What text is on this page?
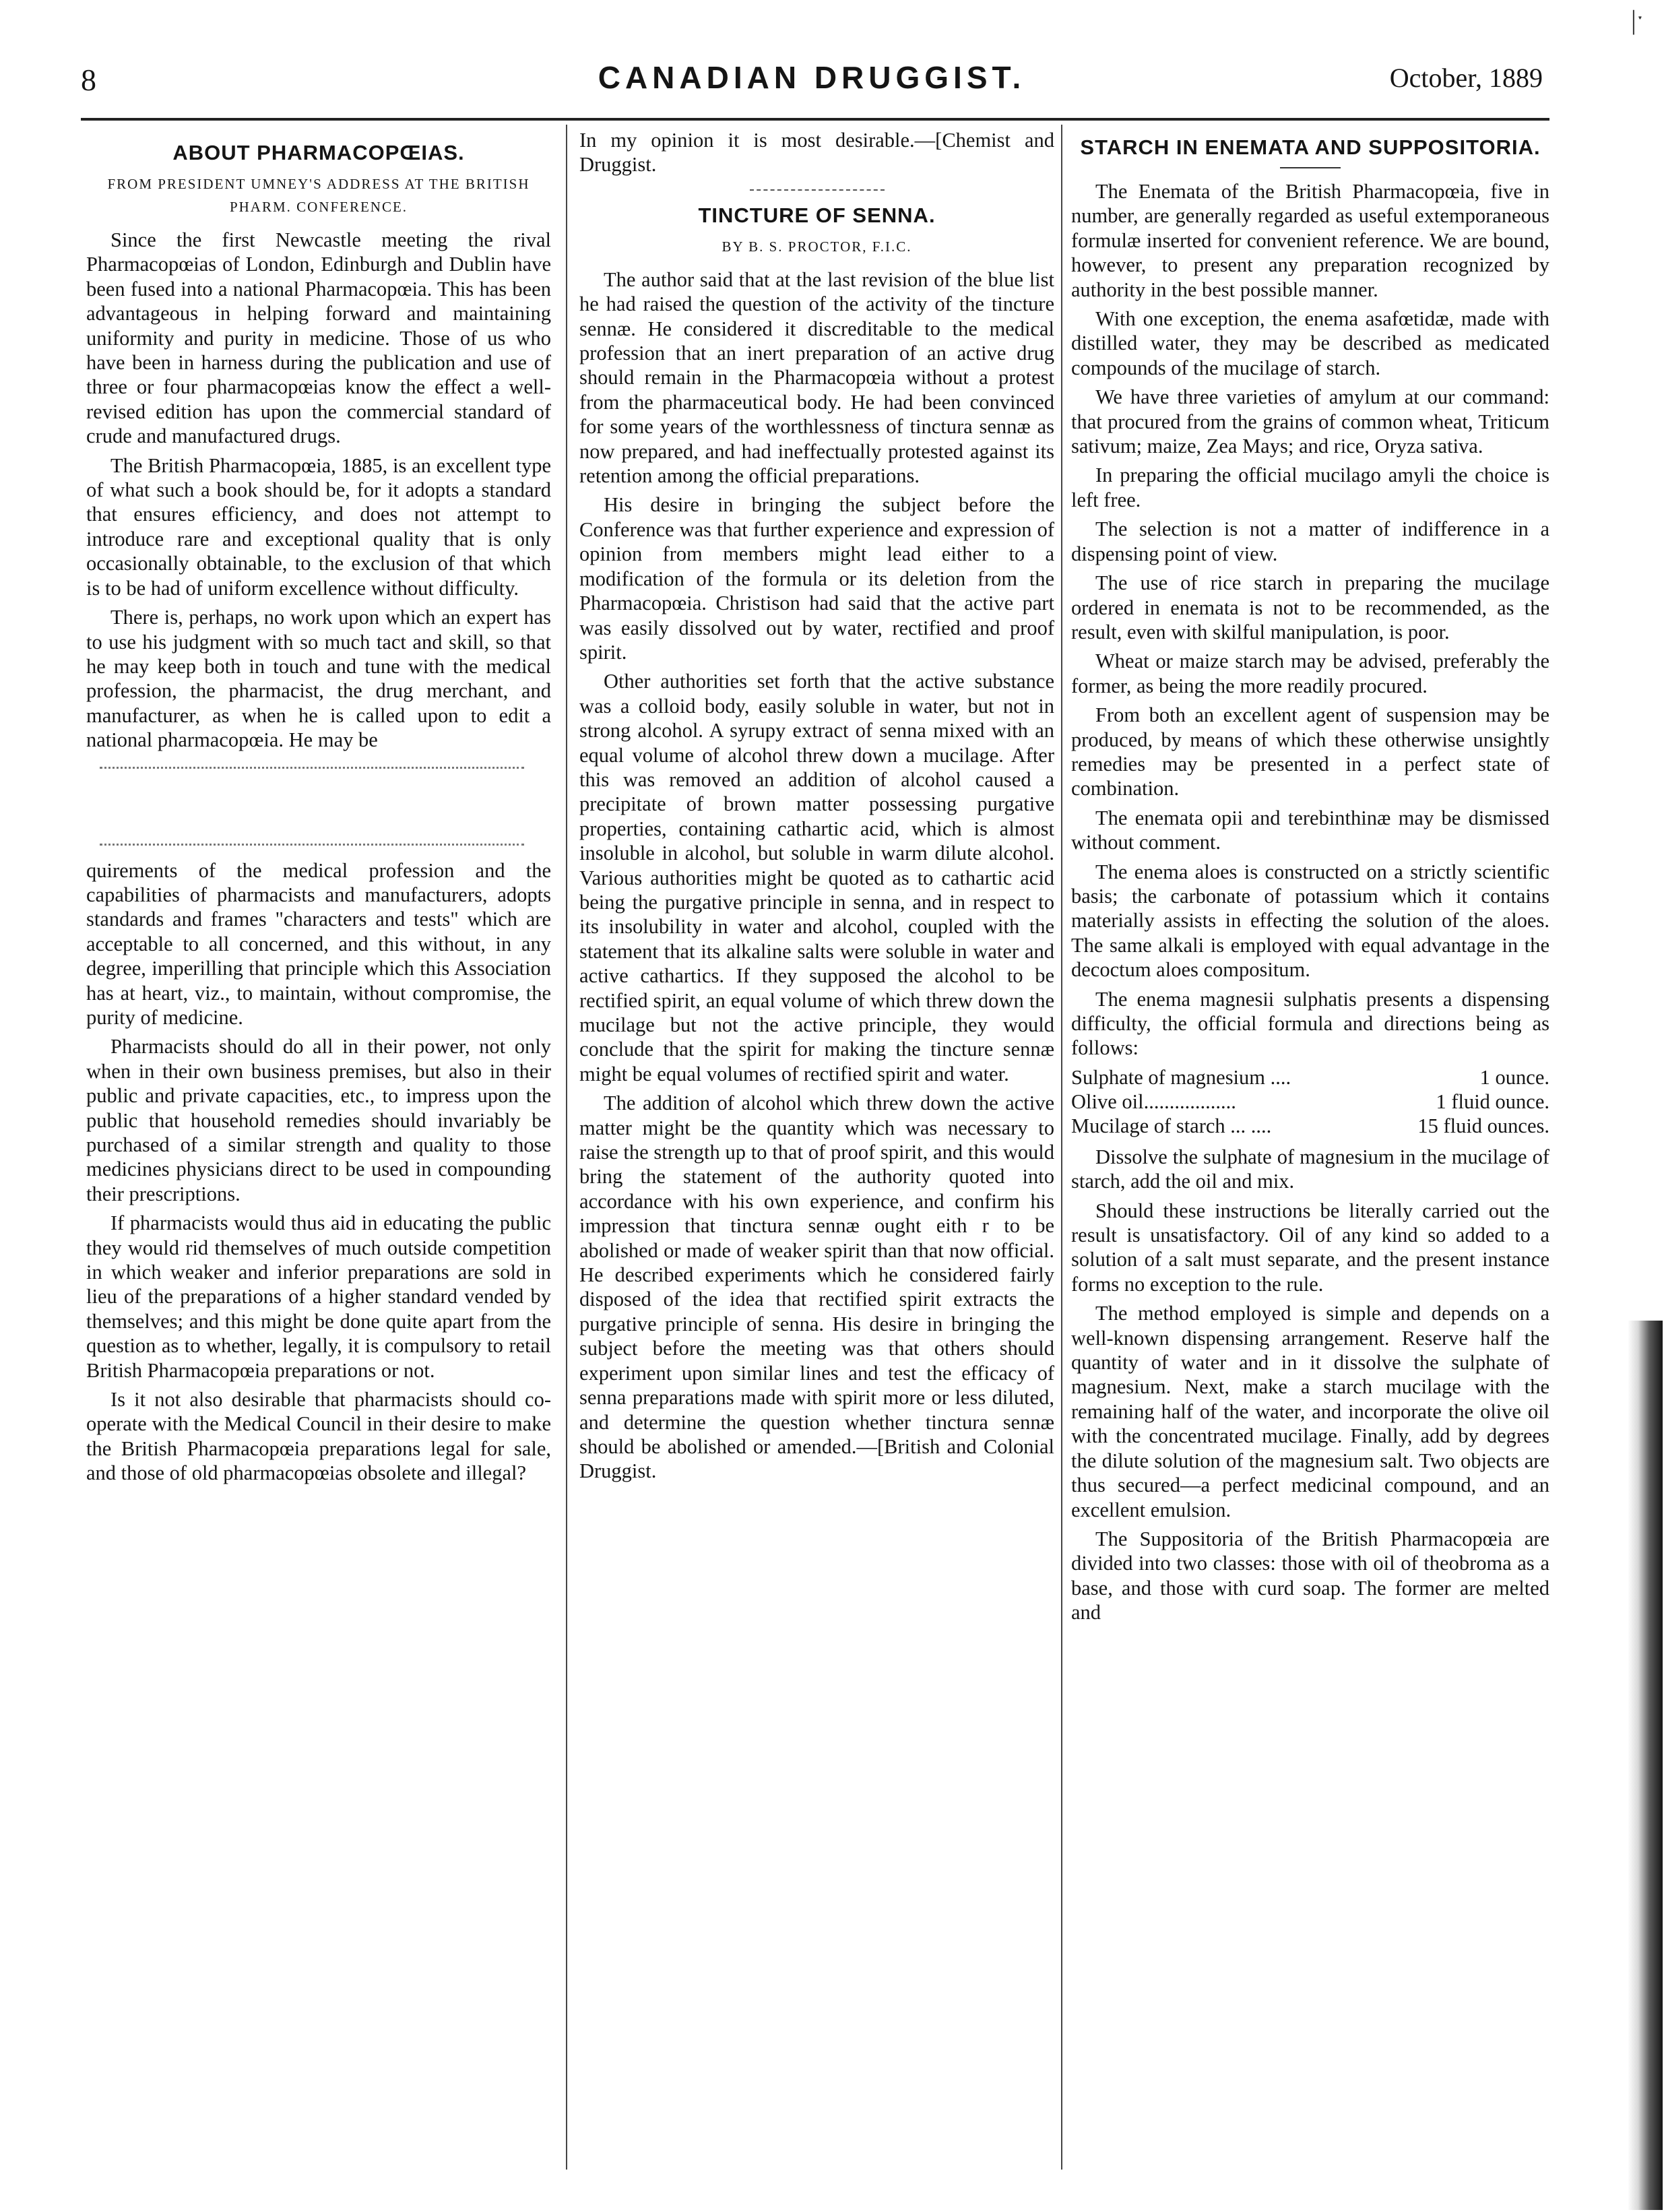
8	CANADIAN DRUGGIST.	October, 1889
|ˑ
ABOUT PHARMACOPŒIAS.
FROM PRESIDENT UMNEY'S ADDRESS AT THE BRITISH PHARM. CONFERENCE.

Since the first Newcastle meeting the rival Pharmacopœias of London, Edinburgh and Dublin have been fused into a national Pharmacopœia. This has been advantageous in helping forward and maintaining uniformity and purity in medicine. Those of us who have been in harness during the publication and use of three or four pharmacopœias know the effect a well-revised edition has upon the commercial standard of crude and manufactured drugs.

The British Pharmacopœia, 1885, is an excellent type of what such a book should be, for it adopts a standard that ensures efficiency, and does not attempt to introduce rare and exceptional quality that is only occasionally obtainable, to the exclusion of that which is to be had of uniform excellence without difficulty.

There is, perhaps, no work upon which an expert has to use his judgment with so much tact and skill, so that he may keep both in touch and tune with the medical profession, the pharmacist, the drug merchant, and manufacturer, as when he is called upon to edit a national pharmacopœia. He may be

quirements of the medical profession and the capabilities of pharmacists and manufacturers, adopts standards and frames "characters and tests" which are acceptable to all concerned, and this without, in any degree, imperilling that principle which this Association has at heart, viz., to maintain, without compromise, the purity of medicine.

Pharmacists should do all in their power, not only when in their own business premises, but also in their public and private capacities, etc., to impress upon the public that household remedies should invariably be purchased of a similar strength and quality to those medicines physicians direct to be used in compounding their prescriptions.

If pharmacists would thus aid in educating the public they would rid themselves of much outside competition in which weaker and inferior preparations are sold in lieu of the preparations of a higher standard vended by themselves; and this might be done quite apart from the question as to whether, legally, it is compulsory to retail British Pharmacopœia preparations or not.

Is it not also desirable that pharmacists should co-operate with the Medical Council in their desire to make the British Pharmacopœia preparations legal for sale, and those of old pharmacopœias obsolete and illegal?

In my opinion it is most desirable.—[Chemist and Druggist.

TINCTURE OF SENNA.
BY B. S. PROCTOR, F.I.C.

The author said that at the last revision of the blue list he had raised the question of the activity of the tincture sennæ. He considered it discreditable to the medical profession that an inert preparation of an active drug should remain in the Pharmacopœia without a protest from the pharmaceutical body. He had been convinced for some years of the worthlessness of tinctura sennæ as now prepared, and had ineffectually protested against its retention among the official preparations.

His desire in bringing the subject before the Conference was that further experience and expression of opinion from members might lead either to a modification of the formula or its deletion from the Pharmacopœia. Christison had said that the active part was easily dissolved out by water, rectified and proof spirit.

Other authorities set forth that the active substance was a colloid body, easily soluble in water, but not in strong alcohol. A syrupy extract of senna mixed with an equal volume of alcohol threw down a mucilage. After this was removed an addition of alcohol caused a precipitate of brown matter possessing purgative properties, containing cathartic acid, which is almost insoluble in alcohol, but soluble in warm dilute alcohol. Various authorities might be quoted as to cathartic acid being the purgative principle in senna, and in respect to its insolubility in water and alcohol, coupled with the statement that its alkaline salts were soluble in water and active cathartics. If they supposed the alcohol to be rectified spirit, an equal volume of which threw down the mucilage but not the active principle, they would conclude that the spirit for making the tincture sennæ might be equal volumes of rectified spirit and water.

The addition of alcohol which threw down the active matter might be the quantity which was necessary to raise the strength up to that of proof spirit, and this would bring the statement of the authority quoted into accordance with his own experience, and confirm his impression that tinctura sennæ ought eith r to be abolished or made of weaker spirit than that now official. He described experiments which he considered fairly disposed of the idea that rectified spirit extracts the purgative principle of senna. His desire in bringing the subject before the meeting was that others should experiment upon similar lines and test the efficacy of senna preparations made with spirit more or less diluted, and determine the question whether tinctura sennæ should be abolished or amended.—[British and Colonial Druggist.

STARCH IN ENEMATA AND SUPPOSITORIA.

The Enemata of the British Pharmacopœia, five in number, are generally regarded as useful extemporaneous formulæ inserted for convenient reference. We are bound, however, to present any preparation recognized by authority in the best possible manner.

With one exception, the enema asafœtidæ, made with distilled water, they may be described as medicated compounds of the mucilage of starch.

We have three varieties of amylum at our command: that procured from the grains of common wheat, Triticum sativum; maize, Zea Mays; and rice, Oryza sativa.

In preparing the official mucilago amyli the choice is left free.

The selection is not a matter of indifference in a dispensing point of view.

The use of rice starch in preparing the mucilage ordered in enemata is not to be recommended, as the result, even with skilful manipulation, is poor.

Wheat or maize starch may be advised, preferably the former, as being the more readily procured.

From both an excellent agent of suspension may be produced, by means of which these otherwise unsightly remedies may be presented in a perfect state of combination.

The enemata opii and terebinthinæ may be dismissed without comment.

The enema aloes is constructed on a strictly scientific basis; the carbonate of potassium which it contains materially assists in effecting the solution of the aloes. The same alkali is employed with equal advantage in the decoctum aloes compositum.

The enema magnesii sulphatis presents a dispensing difficulty, the official formula and directions being as follows:

Sulphate of magnesium ....	1 ounce.
Olive oil..................	1 fluid ounce.
Mucilage of starch ... ....	15 fluid ounces.

Dissolve the sulphate of magnesium in the mucilage of starch, add the oil and mix.

Should these instructions be literally carried out the result is unsatisfactory. Oil of any kind so added to a solution of a salt must separate, and the present instance forms no exception to the rule.

The method employed is simple and depends on a well-known dispensing arrangement. Reserve half the quantity of water and in it dissolve the sulphate of magnesium. Next, make a starch mucilage with the remaining half of the water, and incorporate the olive oil with the concentrated mucilage. Finally, add by degrees the dilute solution of the magnesium salt. Two objects are thus secured—a perfect medicinal compound, and an excellent emulsion.

The Suppositoria of the British Pharmacopœia are divided into two classes: those with oil of theobroma as a base, and those with curd soap. The former are melted and
